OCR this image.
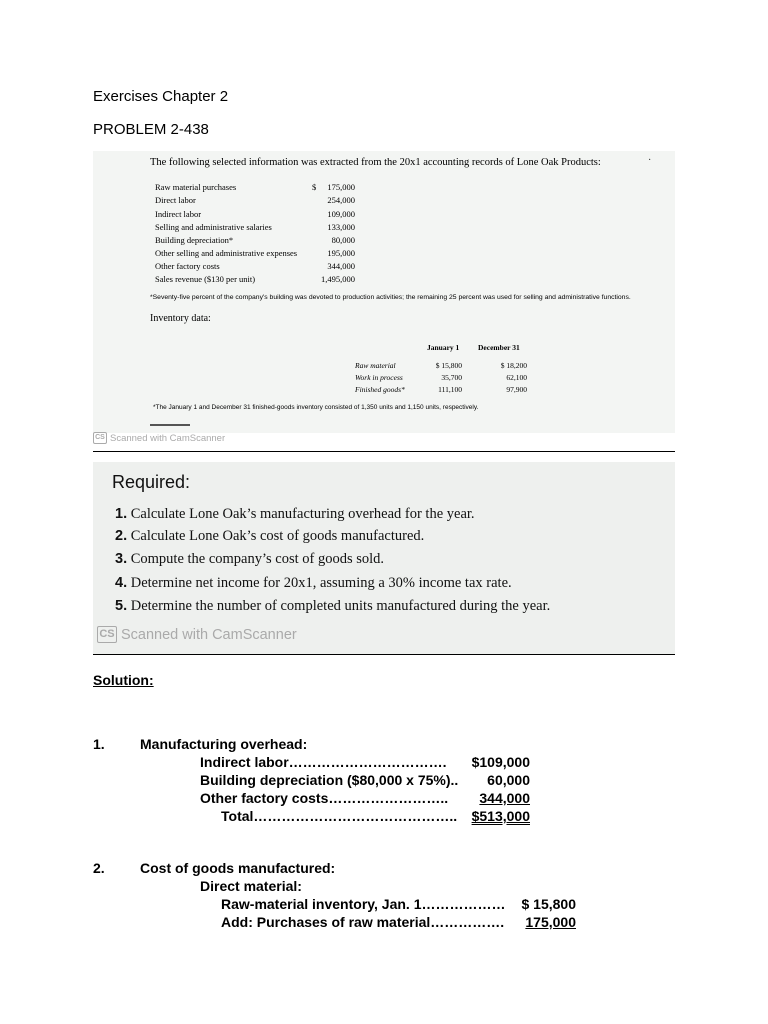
Exercises Chapter 2
PROBLEM 2-438
The following selected information was extracted from the 20x1 accounting records of Lone Oak Products:	·
Raw material purchases	$	175,000
Direct labor	254,000
Indirect labor	109,000
Selling and administrative salaries	133,000
Building depreciation*	80,000
Other selling and administrative expenses	195,000
Other factory costs	344,000
Sales revenue ($130 per unit)	1,495,000
*Seventy-five percent of the company's building was devoted to production activities; the remaining 25 percent was used for selling and administrative functions.
Inventory data:
January 1 December 31
Raw material	$ 15,800	$ 18,200
Work in process	35,700	62,100
Finished goods*	111,100	97,900
*The January 1 and December 31 finished-goods inventory consisted of 1,350 units and 1,150 units, respectively.
CS Scanned with CamScanner
Required:
1. Calculate Lone Oak’s manufacturing overhead for the year.
2. Calculate Lone Oak’s cost of goods manufactured.
3. Compute the company’s cost of goods sold.
4. Determine net income for 20x1, assuming a 30% income tax rate.
5. Determine the number of completed units manufactured during the year.
CS Scanned with CamScanner
Solution:
1.	Manufacturing overhead:
Indirect labor…………………………….	$109,000
Building depreciation ($80,000 x 75%)..	60,000
Other factory costs……………………..	344,000
Total……………………………………..	$513,000
2.	Cost of goods manufactured:
Direct material:
Raw-material inventory, Jan. 1………………	$ 15,800
Add: Purchases of raw material…………….	175,000
